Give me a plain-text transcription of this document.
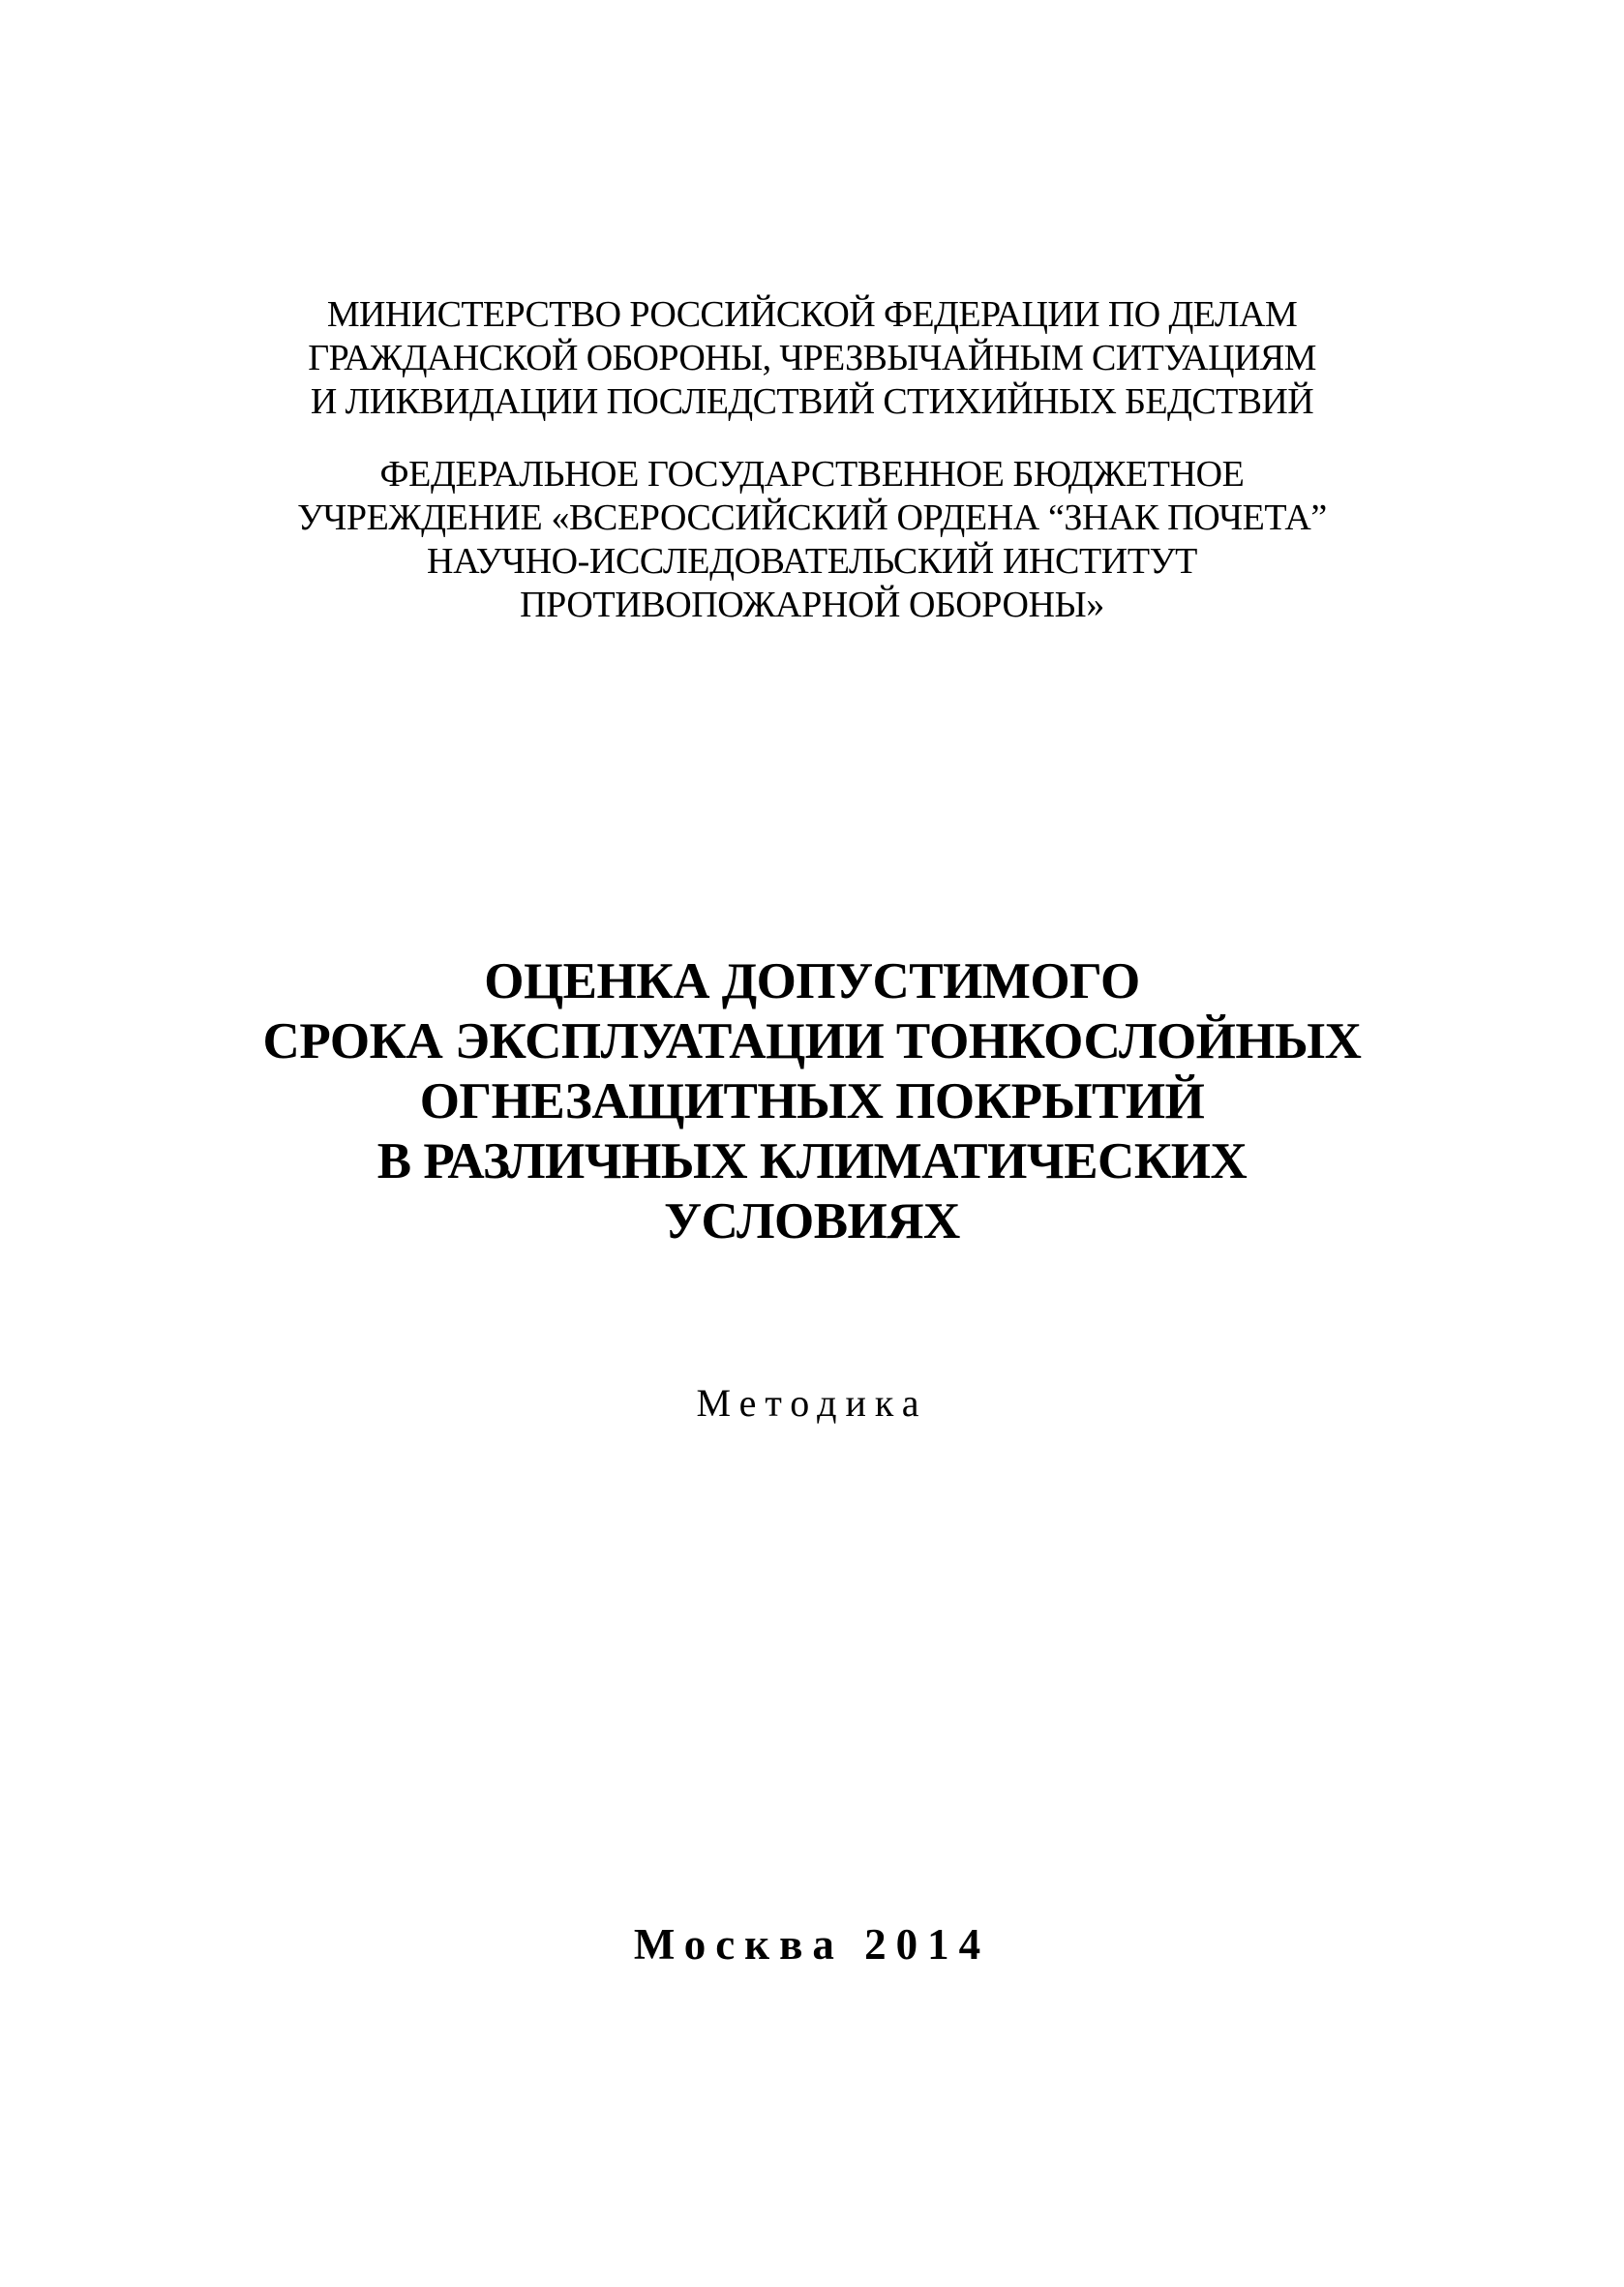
МИНИСТЕРСТВО РОССИЙСКОЙ ФЕДЕРАЦИИ ПО ДЕЛАМ
ГРАЖДАНСКОЙ ОБОРОНЫ, ЧРЕЗВЫЧАЙНЫМ СИТУАЦИЯМ
И ЛИКВИДАЦИИ ПОСЛЕДСТВИЙ СТИХИЙНЫХ БЕДСТВИЙ
ФЕДЕРАЛЬНОЕ ГОСУДАРСТВЕННОЕ БЮДЖЕТНОЕ
УЧРЕЖДЕНИЕ «ВСЕРОССИЙСКИЙ ОРДЕНА “ЗНАК ПОЧЕТА”
НАУЧНО-ИССЛЕДОВАТЕЛЬСКИЙ ИНСТИТУТ
ПРОТИВОПОЖАРНОЙ ОБОРОНЫ»
ОЦЕНКА ДОПУСТИМОГО
СРОКА ЭКСПЛУАТАЦИИ ТОНКОСЛОЙНЫХ
ОГНЕЗАЩИТНЫХ ПОКРЫТИЙ
В РАЗЛИЧНЫХ КЛИМАТИЧЕСКИХ
УСЛОВИЯХ
Методика
Москва 2014
